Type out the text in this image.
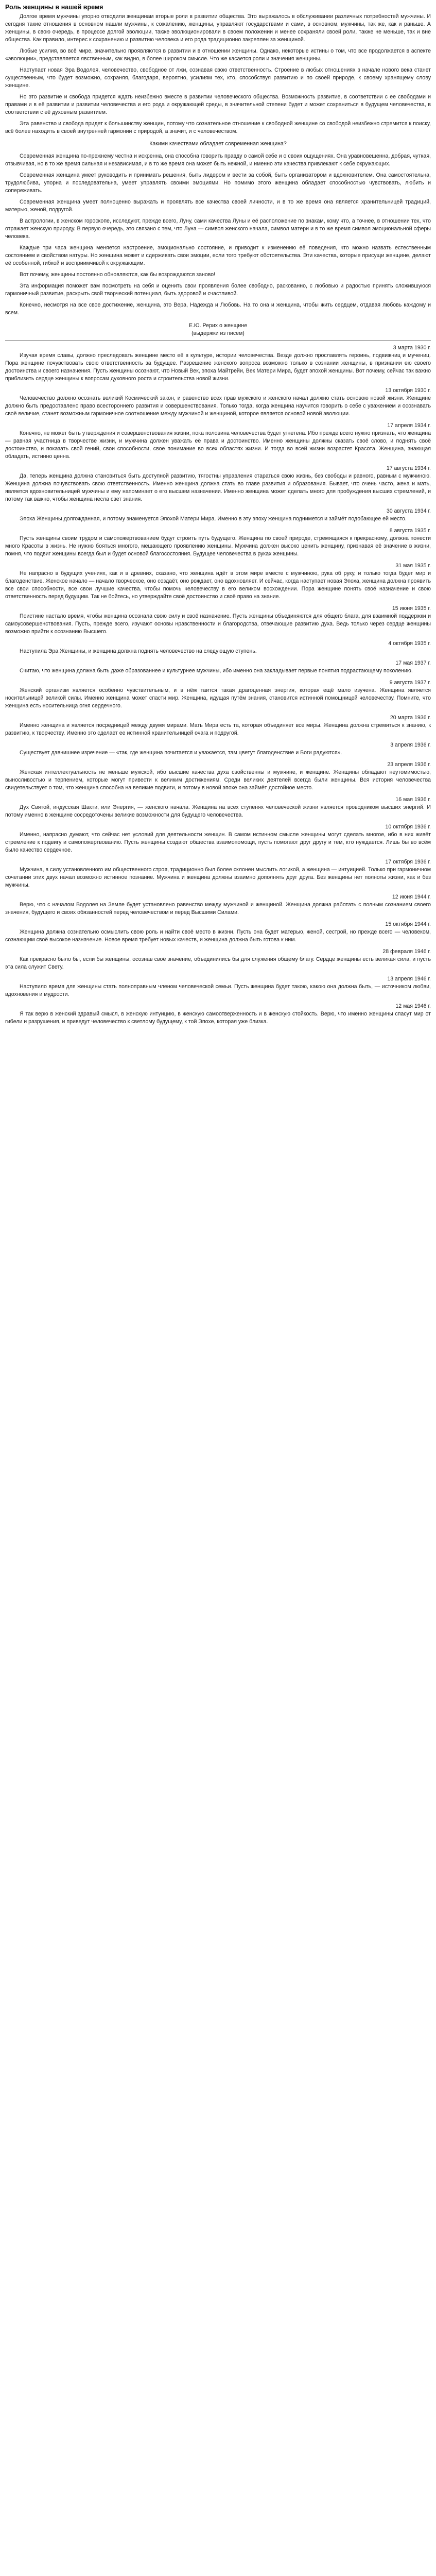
Роль женщины в нашей время

Долгое время мужчины упорно отводили женщинам вторые роли в развитии общества. Это выражалось в обслуживании различных потребностей мужчины. И сегодня такие отношения в основном нашли мужчины, к сожалению, женщины, управляют государствами и сами, в основном, мужчины, так же, как и раньше. А женщины, в свою очередь, в процессе долгой эволюции, также эволюционировали в своем положении и менее сохраняли своей роли, также не меньше, так и вне общества. Как правило, интерес к сохранению и развитию человека и его рода традиционно закреплен за женщиной.

Любые усилия, во всё мире, значительно проявляются в развитии и в отношении женщины. Однако, некоторые истины о том, что все продолжается в аспекте «эволюции», представляется явственным, как видно, в более широком смысле. Что же касается роли и значения женщины.

Наступает новая Эра Водолея, человечество, свободное от лжи, сознавая свою ответственность. Строение в любых отношениях в начале нового века станет существенным, что будет возможно, сохраняя, благодаря, вероятно, усилиям тех, кто, способствуя развитию и по своей природе, к своему хранящему слову женщине.

Но это развитие и свобода придется ждать неизбежно вместе в развитии человеческого общества. Возможность развитие, в соответствии с ее свободами и правами и в её развитии и развитии человечества и его рода и окружающей среды, в значительной степени будет и может сохраниться в будущем человечества, в соответствии с её духовным развитием.

Эта равенство и свобода придет к большинству женщин, потому что сознательное отношение к свободной женщине со свободой неизбежно стремится к поиску, всё более находить в своей внутренней гармонии с природой, а значит, и с человечеством.

Какими качествами обладает современная женщина?

Современная женщина по-прежнему честна и искренна, она способна говорить правду о самой себе и о своих ощущениях. Она уравновешенна, добрая, чуткая, отзывчивая, но в то же время сильная и независимая, и в то же время она может быть нежной, и именно эти качества привлекают к себе окружающих.

Современная женщина умеет руководить и принимать решения, быть лидером и вести за собой, быть организатором и вдохновителем. Она самостоятельна, трудолюбива, упорна и последовательна, умеет управлять своими эмоциями. Но помимо этого женщина обладает способностью чувствовать, любить и сопереживать.

Современная женщина умеет полноценно выражать и проявлять все качества своей личности, и в то же время она является хранительницей традиций, матерью, женой, подругой.

В астрологии, в женском гороскопе, исследуют, прежде всего, Луну, сами качества Луны и её расположение по знакам, кому что, а точнее, в отношении тех, что отражает женскую природу. В первую очередь, это связано с тем, что Луна — символ женского начала, символ матери и в то же время символ эмоциональной сферы человека.

Каждые три часа женщина меняется настроение, эмоционально состояние, и приводит к изменению её поведения, что можно назвать естественным состоянием и свойством натуры. Но женщина может и сдерживать свои эмоции, если того требуют обстоятельства. Эти качества, которые присущи женщине, делают её особенной, гибкой и восприимчивой к окружающим.

Вот почему, женщины постоянно обновляются, как бы возрождаются заново!

Эта информация поможет вам посмотреть на себя и оценить свои проявления более свободно, раскованно, с любовью и радостью принять сложившуюся гармоничный развитие, раскрыть свой творческий потенциал, быть здоровой и счастливой.

Конечно, несмотря на все свое достижение, женщина, это Вера, Надежда и Любовь. На то она и женщина, чтобы жить сердцем, отдавая любовь каждому и всем.

Е.Ю. Рерих о женщине

(выдержки из писем)

3 марта 1930 г.

Изучая время славы, должно преследовать женщине место её в культуре, истории человечества. Везде должно прославлять героинь, подвижниц и мучениц. Пора женщине почувствовать свою ответственность за будущее. Разрешение женского вопроса возможно только в сознании женщины, в признании ею своего достоинства и своего назначения. Пусть женщины осознают, что Новый Век, эпоха Майтрейи, Век Матери Мира, будет эпохой женщины. Вот почему, сейчас так важно приблизить сердце женщины к вопросам духовного роста и строительства новой жизни.

13 октября 1930 г.

Человечество должно осознать великий Космический закон, и равенство всех прав мужского и женского начал должно стать основою новой жизни. Женщине должно быть предоставлено право всестороннего развития и совершенствования. Только тогда, когда женщина научится говорить о себе с уважением и осознавать своё величие, станет возможным гармоничное соотношение между мужчиной и женщиной, которое является основой новой эволюции.

17 апреля 1934 г.

Конечно, не может быть утверждения и совершенствования жизни, пока половина человечества будет угнетена. Ибо прежде всего нужно признать, что женщина — равная участница в творчестве жизни, и мужчина должен уважать её права и достоинство. Именно женщины должны сказать своё слово, и поднять своё достоинство, и показать свой гений, свои способности, свое понимание во всех областях жизни. И тогда во всей жизни возрастет Красота. Женщина, знающая обладать, истинно ценна.

17 августа 1934 г.

Да, теперь женщина должна становиться быть доступной развитию, тягостны управления стараться свою жизнь, без свободы и равного, равным с мужчиною. Женщина должна почувствовать свою ответственность. Именно женщина должна стать во главе развития и образования. Бывает, что очень часто, жена и мать, является вдохновительницей мужчины и ему напоминает о его высшем назначении. Именно женщина может сделать много для пробуждения высших стремлений, и потому так важно, чтобы женщина несла свет знания.

30 августа 1934 г.

Эпоха Женщины долгожданная, и потому знаменуется Эпохой Матери Мира. Именно в эту эпоху женщина поднимется и займёт подобающее ей место.

8 августа 1935 г.

Пусть женщины своим трудом и самопожертвованием будут строить путь будущего. Женщина по своей природе, стремящаяся к прекрасному, должна понести много Красоты в жизнь. Не нужно бояться многого, мешающего проявлению женщины. Мужчина должен высоко ценить женщину, признавая её значение в жизни, помня, что подвиг женщины всегда был и будет основой благосостояния. Будущее человечества в руках женщины.

31 мая 1935 г.

Не напрасно в будущих учениях, как и в древних, сказано, что женщина идёт в этом мире вместе с мужчиною, рука об руку, и только тогда будет мир и благоденствие. Женское начало — начало творческое, оно создаёт, оно рождает, оно вдохновляет. И сейчас, когда наступает новая Эпоха, женщина должна проявить все свои способности, все свои лучшие качества, чтобы помочь человечеству в его великом восхождении. Пора женщине понять своё назначение и свою ответственность перед будущим. Так не бойтесь, но утверждайте своё достоинство и своё право на знание.

15 июня 1935 г.

Поистине настало время, чтобы женщина осознала свою силу и своё назначение. Пусть женщины объединяются для общего блага, для взаимной поддержки и самоусовершенствования. Пусть, прежде всего, изучают основы нравственности и благородства, отвечающие развитию духа. Ведь только через сердце женщины возможно прийти к осознанию Высшего.

4 октября 1935 г.

Наступила Эра Женщины, и женщина должна поднять человечество на следующую ступень.

17 мая 1937 г.

Считаю, что женщина должна быть даже образованнее и культурнее мужчины, ибо именно она закладывает первые понятия подрастающему поколению.

9 августа 1937 г.

Женский организм является особенно чувствительным, и в нём таится такая драгоценная энергия, которая ещё мало изучена. Женщина является носительницей великой силы. Именно женщина может спасти мир. Женщина, идущая путём знания, становится истинной помощницей человечеству. Помните, что женщина есть носительница огня сердечного.

20 марта 1936 г.

Именно женщина и является посредницей между двумя мирами. Мать Мира есть та, которая объединяет все миры. Женщина должна стремиться к знанию, к развитию, к творчеству. Именно это сделает ее истинной хранительницей очага и подругой.

3 апреля 1936 г.

Существует давнишнее изречение — «так, где женщина почитается и уважается, там цветут благоденствие и Боги радуются».

23 апреля 1936 г.

Женская интеллектуальность не меньше мужской, ибо высшие качества духа свойственны и мужчине, и женщине. Женщины обладают неутомимостью, выносливостью и терпением, которые могут привести к великим достижениям. Среди великих деятелей всегда были женщины. Вся история человечества свидетельствует о том, что женщина способна на великие подвиги, и потому в новой эпохе она займёт достойное место.

16 мая 1936 г.

Дух Святой, индусская Шакти, или Энергия, — женского начала. Женщина на всех ступенях человеческой жизни является проводником высших энергий. И потому именно в женщине сосредоточены великие возможности для будущего человечества.

10 октября 1936 г.

Именно, напрасно думают, что сейчас нет условий для деятельности женщин. В самом истинном смысле женщины могут сделать многое, ибо в них живёт стремление к подвигу и самопожертвованию. Пусть женщины создают общества взаимопомощи, пусть помогают друг другу и тем, кто нуждается. Лишь бы во всём было качество сердечное.

17 октября 1936 г.

Мужчина, в силу установленного им общественного строя, традиционно был более склонен мыслить логикой, а женщина — интуицией. Только при гармоничном сочетании этих двух начал возможно истинное познание. Мужчина и женщина должны взаимно дополнять друг друга. Без женщины нет полноты жизни, как и без мужчины.

12 июня 1944 г.

Верю, что с началом Водолея на Земле будет установлено равенство между мужчиной и женщиной. Женщина должна работать с полным сознанием своего значения, будущего и своих обязанностей перед человечеством и перед Высшими Силами.

15 октября 1944 г.

Женщина должна сознательно осмыслить свою роль и найти своё место в жизни. Пусть она будет матерью, женой, сестрой, но прежде всего — человеком, сознающим своё высокое назначение. Новое время требует новых качеств, и женщина должна быть готова к ним.

28 февраля 1946 г.

Как прекрасно было бы, если бы женщины, осознав своё значение, объединились бы для служения общему благу. Сердце женщины есть великая сила, и пусть эта сила служит Свету.

13 апреля 1946 г.

Наступило время для женщины стать полноправным членом человеческой семьи. Пусть женщина будет такою, какою она должна быть, — источником любви, вдохновения и мудрости.

12 мая 1946 г.

Я так верю в женский здравый смысл, в женскую интуицию, в женскую самоотверженность и в женскую стойкость. Верю, что именно женщины спасут мир от гибели и разрушения, и приведут человечество к светлому будущему, к той Эпохе, которая уже близка.
